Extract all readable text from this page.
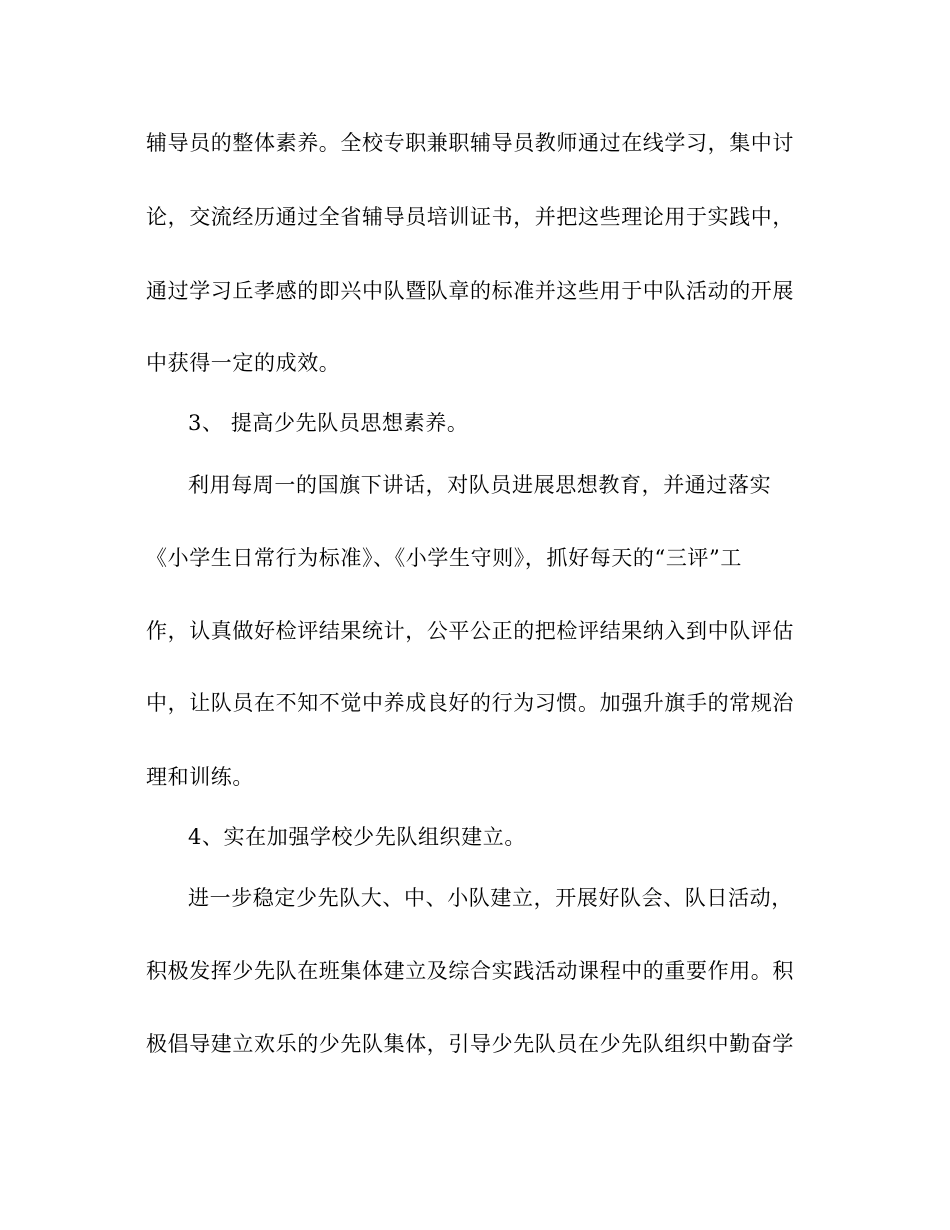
辅导员的整体素养。全校专职兼职辅导员教师通过在线学习，集中讨
论，交流经历通过全省辅导员培训证书，并把这些理论用于实践中，
通过学习丘孝感的即兴中队暨队章的标准并这些用于中队活动的开展
中获得一定的成效。
3、 提高少先队员思想素养。
利用每周一的国旗下讲话，对队员进展思想教育，并通过落实
《小学生日常行为标准》、《小学生守则》，抓好每天的“三评”工
作，认真做好检评结果统计，公平公正的把检评结果纳入到中队评估
中，让队员在不知不觉中养成良好的行为习惯。加强升旗手的常规治
理和训练。
4、实在加强学校少先队组织建立。
进一步稳定少先队大、中、小队建立，开展好队会、队日活动，
积极发挥少先队在班集体建立及综合实践活动课程中的重要作用。积
极倡导建立欢乐的少先队集体，引导少先队员在少先队组织中勤奋学
